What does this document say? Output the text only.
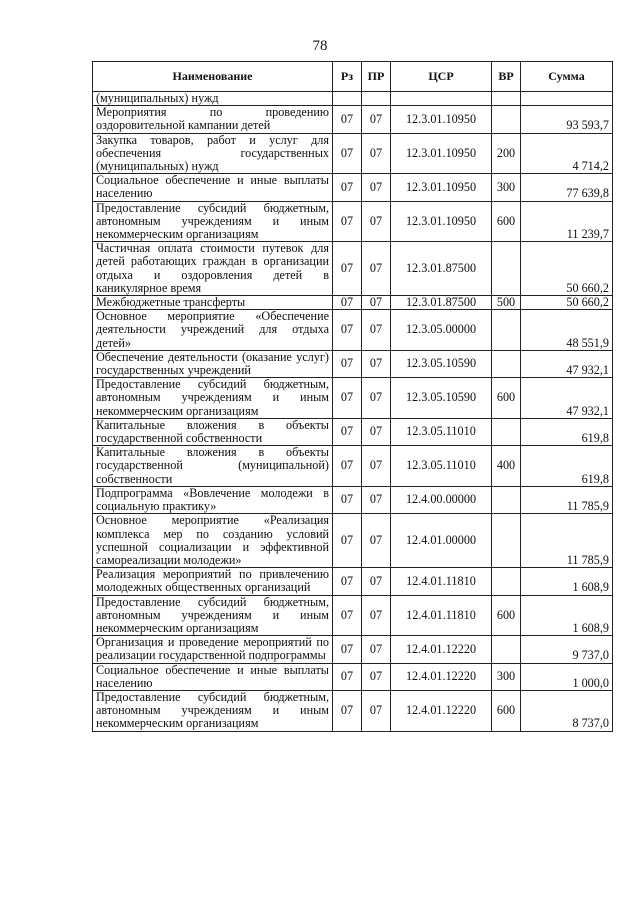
78
Наименование	Рз	ПР	ЦСР	ВР	Сумма
(муниципальных) нужд					
Мероприятия по проведению оздоровительной кампании детей	07	07	12.3.01.10950		93 593,7
Закупка товаров, работ и услуг для обеспечения государственных (муниципальных) нужд	07	07	12.3.01.10950	200	4 714,2
Социальное обеспечение и иные выплаты населению	07	07	12.3.01.10950	300	77 639,8
Предоставление субсидий бюджетным, автономным учреждениям и иным некоммерческим организациям	07	07	12.3.01.10950	600	11 239,7
Частичная оплата стоимости путевок для детей работающих граждан в организации отдыха и оздоровления детей в каникулярное время	07	07	12.3.01.87500		50 660,2
Межбюджетные трансферты	07	07	12.3.01.87500	500	50 660,2
Основное мероприятие «Обеспечение деятельности учреждений для отдыха детей»	07	07	12.3.05.00000		48 551,9
Обеспечение деятельности (оказание услуг) государственных учреждений	07	07	12.3.05.10590		47 932,1
Предоставление субсидий бюджетным, автономным учреждениям и иным некоммерческим организациям	07	07	12.3.05.10590	600	47 932,1
Капитальные вложения в объекты государственной собственности	07	07	12.3.05.11010		619,8
Капитальные вложения в объекты государственной (муниципальной) собственности	07	07	12.3.05.11010	400	619,8
Подпрограмма «Вовлечение молодежи в социальную практику»	07	07	12.4.00.00000		11 785,9
Основное мероприятие «Реализация комплекса мер по созданию условий успешной социализации и эффективной самореализации молодежи»	07	07	12.4.01.00000		11 785,9
Реализация мероприятий по привлечению молодежных общественных организаций	07	07	12.4.01.11810		1 608,9
Предоставление субсидий бюджетным, автономным учреждениям и иным некоммерческим организациям	07	07	12.4.01.11810	600	1 608,9
Организация и проведение мероприятий по реализации государственной подпрограммы	07	07	12.4.01.12220		9 737,0
Социальное обеспечение и иные выплаты населению	07	07	12.4.01.12220	300	1 000,0
Предоставление субсидий бюджетным, автономным учреждениям и иным некоммерческим организациям	07	07	12.4.01.12220	600	8 737,0
